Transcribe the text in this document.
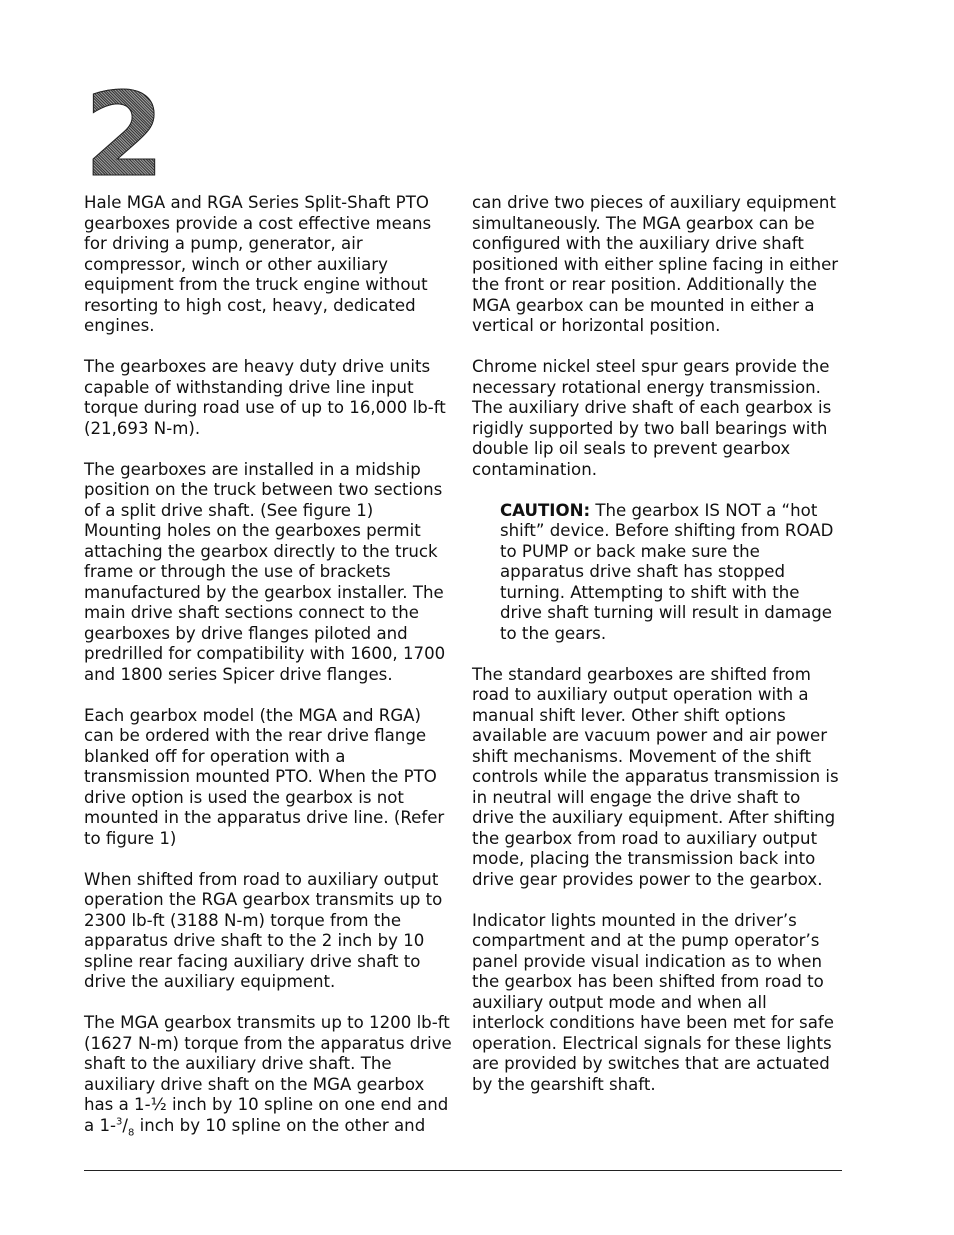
2

Hale MGA and RGA Series Split-Shaft PTO gearboxes provide a cost effective means for driving a pump, generator, air compressor, winch or other auxiliary equipment from the truck engine without resorting to high cost, heavy, dedicated engines.

The gearboxes are heavy duty drive units capable of withstanding drive line input torque during road use of up to 16,000 lb-ft (21,693 N-m).

The gearboxes are installed in a midship position on the truck between two sections of a split drive shaft. (See figure 1) Mounting holes on the gearboxes permit attaching the gearbox directly to the truck frame or through the use of brackets manufactured by the gearbox installer. The main drive shaft sections connect to the gearboxes by drive flanges piloted and predrilled for compatibility with 1600, 1700 and 1800 series Spicer drive flanges.

Each gearbox model (the MGA and RGA) can be ordered with the rear drive flange blanked off for operation with a transmission mounted PTO. When the PTO drive option is used the gearbox is not mounted in the apparatus drive line. (Refer to figure 1)

When shifted from road to auxiliary output operation the RGA gearbox transmits up to 2300 lb-ft (3188 N-m) torque from the apparatus drive shaft to the 2 inch by 10 spline rear facing auxiliary drive shaft to drive the auxiliary equipment.

The MGA gearbox transmits up to 1200 lb-ft (1627 N-m) torque from the apparatus drive shaft to the auxiliary drive shaft. The auxiliary drive shaft on the MGA gearbox has a 1-½ inch by 10 spline on one end and a $1-^3/_8$ inch by 10 spline on the other and

can drive two pieces of auxiliary equipment simultaneously. The MGA gearbox can be configured with the auxiliary drive shaft positioned with either spline facing in either the front or rear position. Additionally the MGA gearbox can be mounted in either a vertical or horizontal position.

Chrome nickel steel spur gears provide the necessary rotational energy transmission. The auxiliary drive shaft of each gearbox is rigidly supported by two ball bearings with double lip oil seals to prevent gearbox contamination.

CAUTION: The gearbox IS NOT a “hot shift” device. Before shifting from ROAD to PUMP or back make sure the apparatus drive shaft has stopped turning. Attempting to shift with the drive shaft turning will result in damage to the gears.

The standard gearboxes are shifted from road to auxiliary output operation with a manual shift lever. Other shift options available are vacuum power and air power shift mechanisms. Movement of the shift controls while the apparatus transmission is in neutral will engage the drive shaft to drive the auxiliary equipment. After shifting the gearbox from road to auxiliary output mode, placing the transmission back into drive gear provides power to the gearbox.

Indicator lights mounted in the driver’s compartment and at the pump operator’s panel provide visual indication as to when the gearbox has been shifted from road to auxiliary output mode and when all interlock conditions have been met for safe operation. Electrical signals for these lights are provided by switches that are actuated by the gearshift shaft.
